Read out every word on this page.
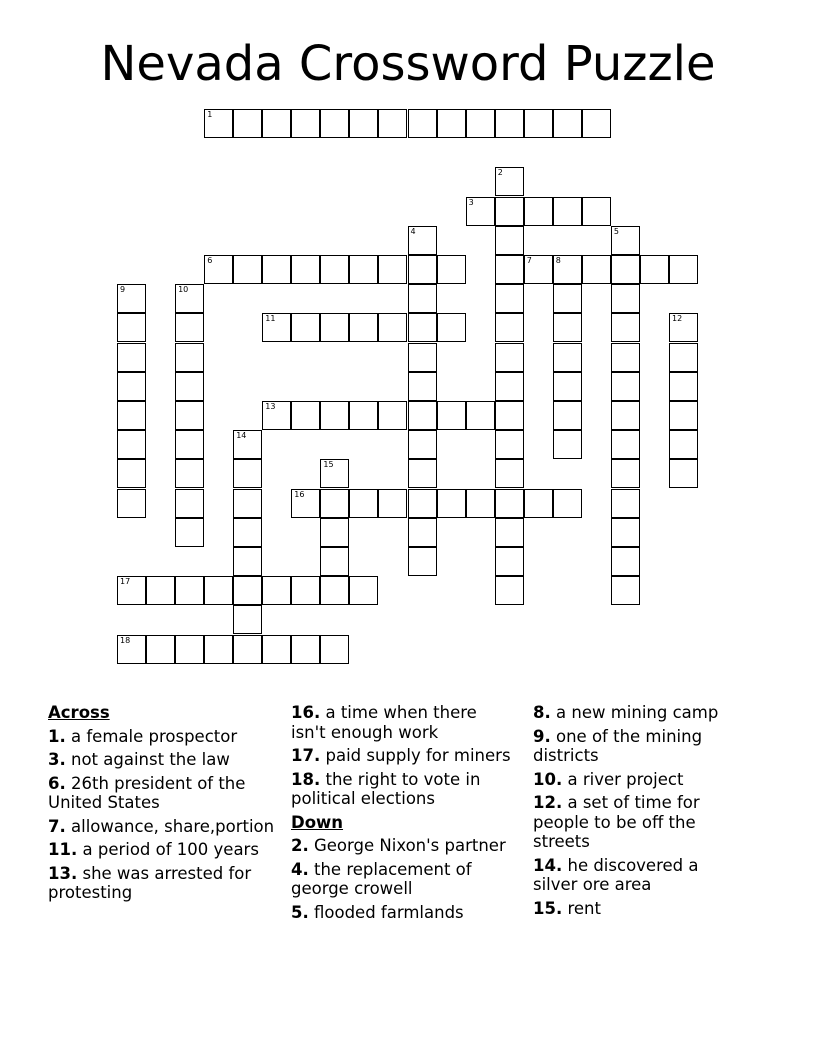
Nevada Crossword Puzzle
1
3
6	7	8
11
13
16
17
18
2
4	5
9	10
12
14
15
Across
1. a female prospector
3. not against the law
6. 26th president of the United States
7. allowance, share,portion
11. a period of 100 years
13. she was arrested for protesting
16. a time when there isn't enough work
17. paid supply for miners
18. the right to vote in political elections
Down
2. George Nixon's partner
4. the replacement of george crowell
5. flooded farmlands
8. a new mining camp
9. one of the mining districts
10. a river project
12. a set of time for people to be off the streets
14. he discovered a silver ore area
15. rent
